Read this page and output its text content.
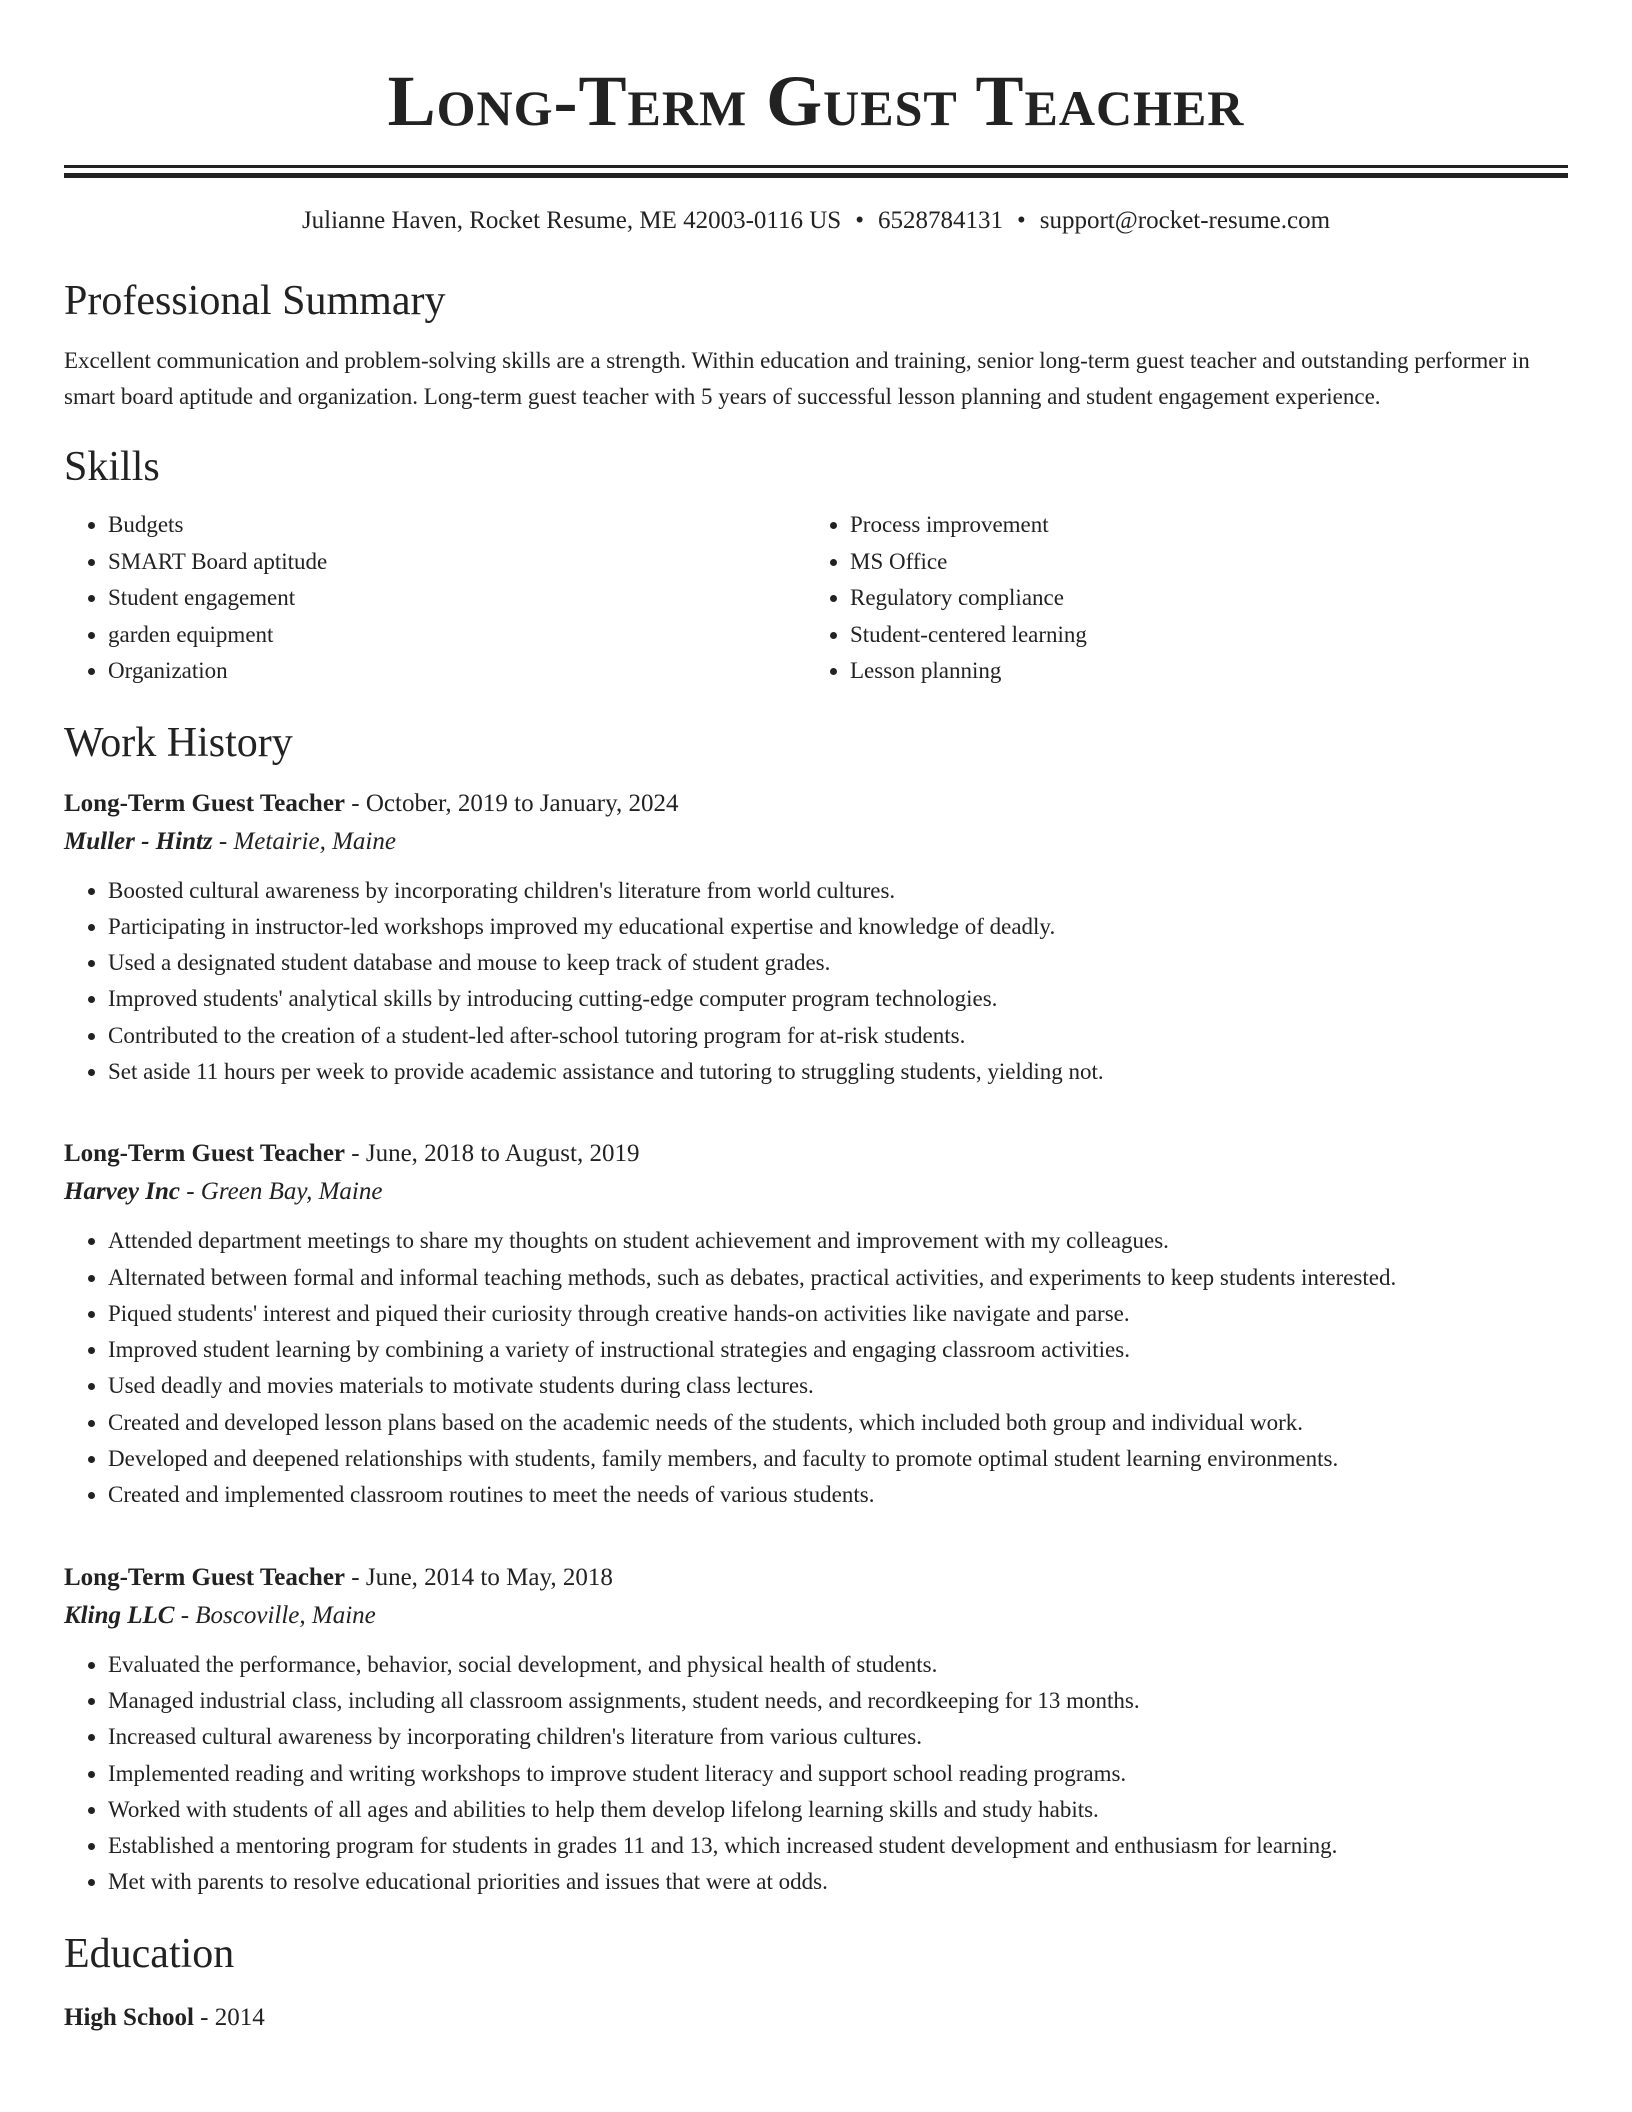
Long-Term Guest Teacher
Julianne Haven, Rocket Resume, ME 42003-0116 US • 6528784131 • support@rocket-resume.com
Professional Summary

Excellent communication and problem-solving skills are a strength. Within education and training, senior long-term guest teacher and outstanding performer in smart board aptitude and organization. Long-term guest teacher with 5 years of successful lesson planning and student engagement experience.

Skills
• Budgets
• SMART Board aptitude
• Student engagement
• garden equipment
• Organization
• Process improvement
• MS Office
• Regulatory compliance
• Student-centered learning
• Lesson planning
Work History
Long-Term Guest Teacher - October, 2019 to January, 2024
Muller - Hintz - Metairie, Maine
• Boosted cultural awareness by incorporating children's literature from world cultures.
• Participating in instructor-led workshops improved my educational expertise and knowledge of deadly.
• Used a designated student database and mouse to keep track of student grades.
• Improved students' analytical skills by introducing cutting-edge computer program technologies.
• Contributed to the creation of a student-led after-school tutoring program for at-risk students.
• Set aside 11 hours per week to provide academic assistance and tutoring to struggling students, yielding not.
Long-Term Guest Teacher - June, 2018 to August, 2019
Harvey Inc - Green Bay, Maine
• Attended department meetings to share my thoughts on student achievement and improvement with my colleagues.
• Alternated between formal and informal teaching methods, such as debates, practical activities, and experiments to keep students interested.
• Piqued students' interest and piqued their curiosity through creative hands-on activities like navigate and parse.
• Improved student learning by combining a variety of instructional strategies and engaging classroom activities.
• Used deadly and movies materials to motivate students during class lectures.
• Created and developed lesson plans based on the academic needs of the students, which included both group and individual work.
• Developed and deepened relationships with students, family members, and faculty to promote optimal student learning environments.
• Created and implemented classroom routines to meet the needs of various students.
Long-Term Guest Teacher - June, 2014 to May, 2018
Kling LLC - Boscoville, Maine
• Evaluated the performance, behavior, social development, and physical health of students.
• Managed industrial class, including all classroom assignments, student needs, and recordkeeping for 13 months.
• Increased cultural awareness by incorporating children's literature from various cultures.
• Implemented reading and writing workshops to improve student literacy and support school reading programs.
• Worked with students of all ages and abilities to help them develop lifelong learning skills and study habits.
• Established a mentoring program for students in grades 11 and 13, which increased student development and enthusiasm for learning.
• Met with parents to resolve educational priorities and issues that were at odds.
Education
High School - 2014
